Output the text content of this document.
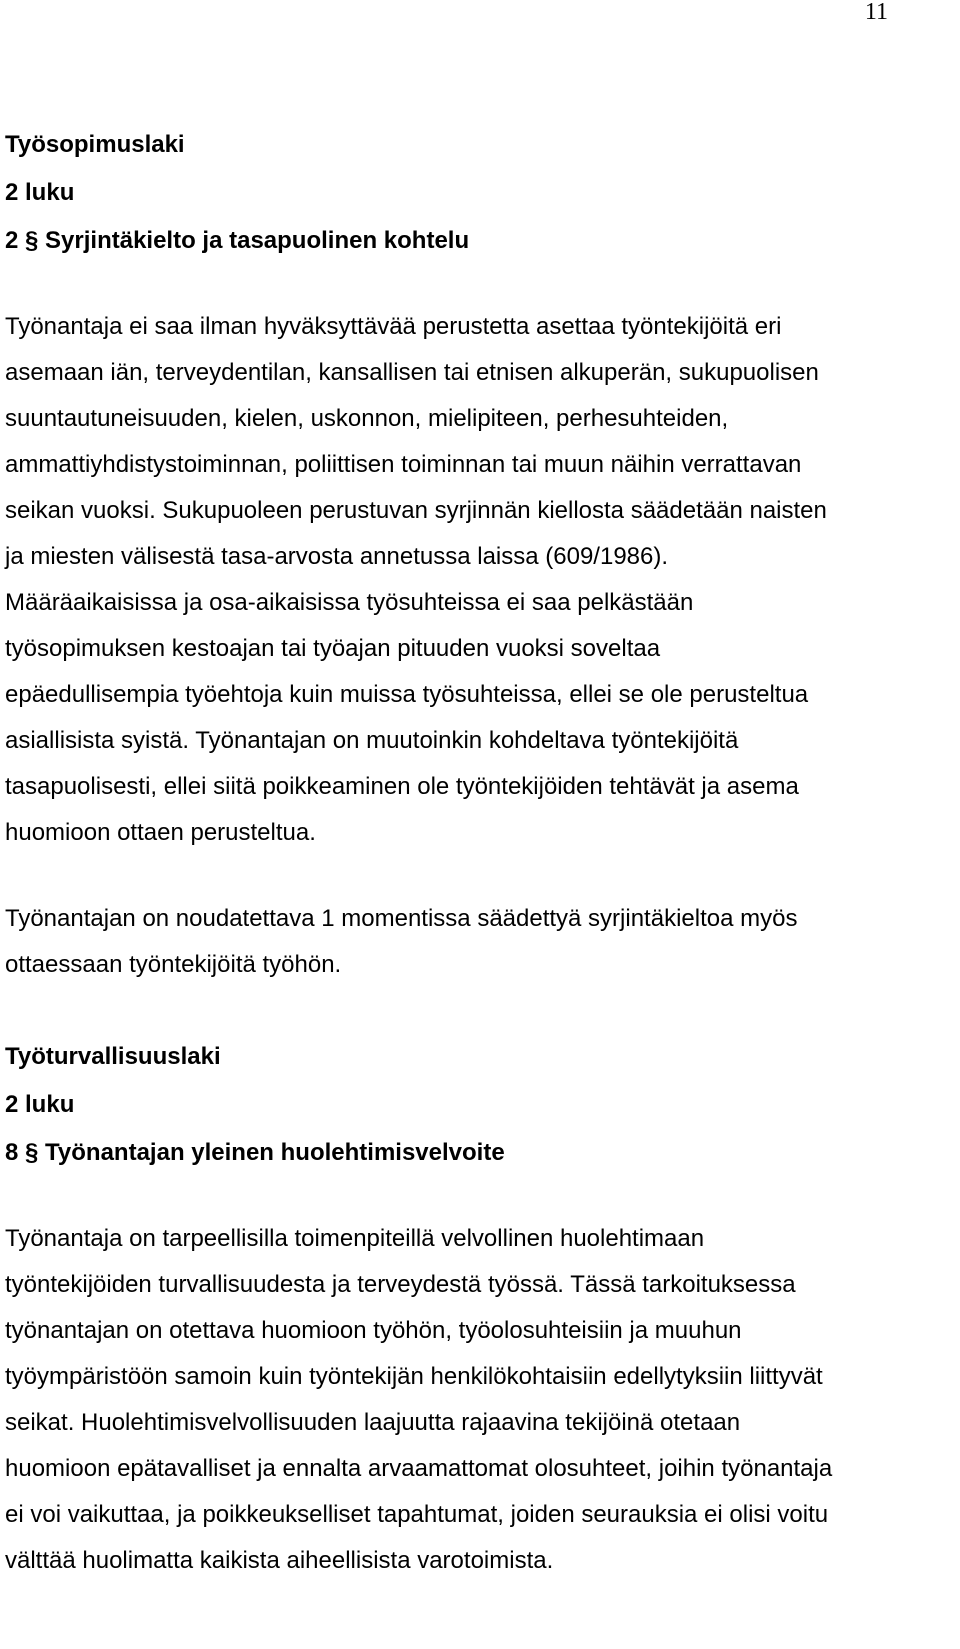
11

Työsopimuslaki

2 luku

2 § Syrjintäkielto ja tasapuolinen kohtelu

Työnantaja ei saa ilman hyväksyttävää perustetta asettaa työntekijöitä eri
asemaan iän, terveydentilan, kansallisen tai etnisen alkuperän, sukupuolisen
suuntautuneisuuden, kielen, uskonnon, mielipiteen, perhesuhteiden,
ammattiyhdistystoiminnan, poliittisen toiminnan tai muun näihin verrattavan
seikan vuoksi. Sukupuoleen perustuvan syrjinnän kiellosta säädetään naisten
ja miesten välisestä tasa-arvosta annetussa laissa (609/1986).
Määräaikaisissa ja osa-aikaisissa työsuhteissa ei saa pelkästään
työsopimuksen kestoajan tai työajan pituuden vuoksi soveltaa
epäedullisempia työehtoja kuin muissa työsuhteissa, ellei se ole perusteltua
asiallisista syistä. Työnantajan on muutoinkin kohdeltava työntekijöitä
tasapuolisesti, ellei siitä poikkeaminen ole työntekijöiden tehtävät ja asema
huomioon ottaen perusteltua.

Työnantajan on noudatettava 1 momentissa säädettyä syrjintäkieltoa myös
ottaessaan työntekijöitä työhön.

Työturvallisuuslaki

2 luku

8 § Työnantajan yleinen huolehtimisvelvoite

Työnantaja on tarpeellisilla toimenpiteillä velvollinen huolehtimaan
työntekijöiden turvallisuudesta ja terveydestä työssä. Tässä tarkoituksessa
työnantajan on otettava huomioon työhön, työolosuhteisiin ja muuhun
työympäristöön samoin kuin työntekijän henkilökohtaisiin edellytyksiin liittyvät
seikat. Huolehtimisvelvollisuuden laajuutta rajaavina tekijöinä otetaan
huomioon epätavalliset ja ennalta arvaamattomat olosuhteet, joihin työnantaja
ei voi vaikuttaa, ja poikkeukselliset tapahtumat, joiden seurauksia ei olisi voitu
välttää huolimatta kaikista aiheellisista varotoimista.
